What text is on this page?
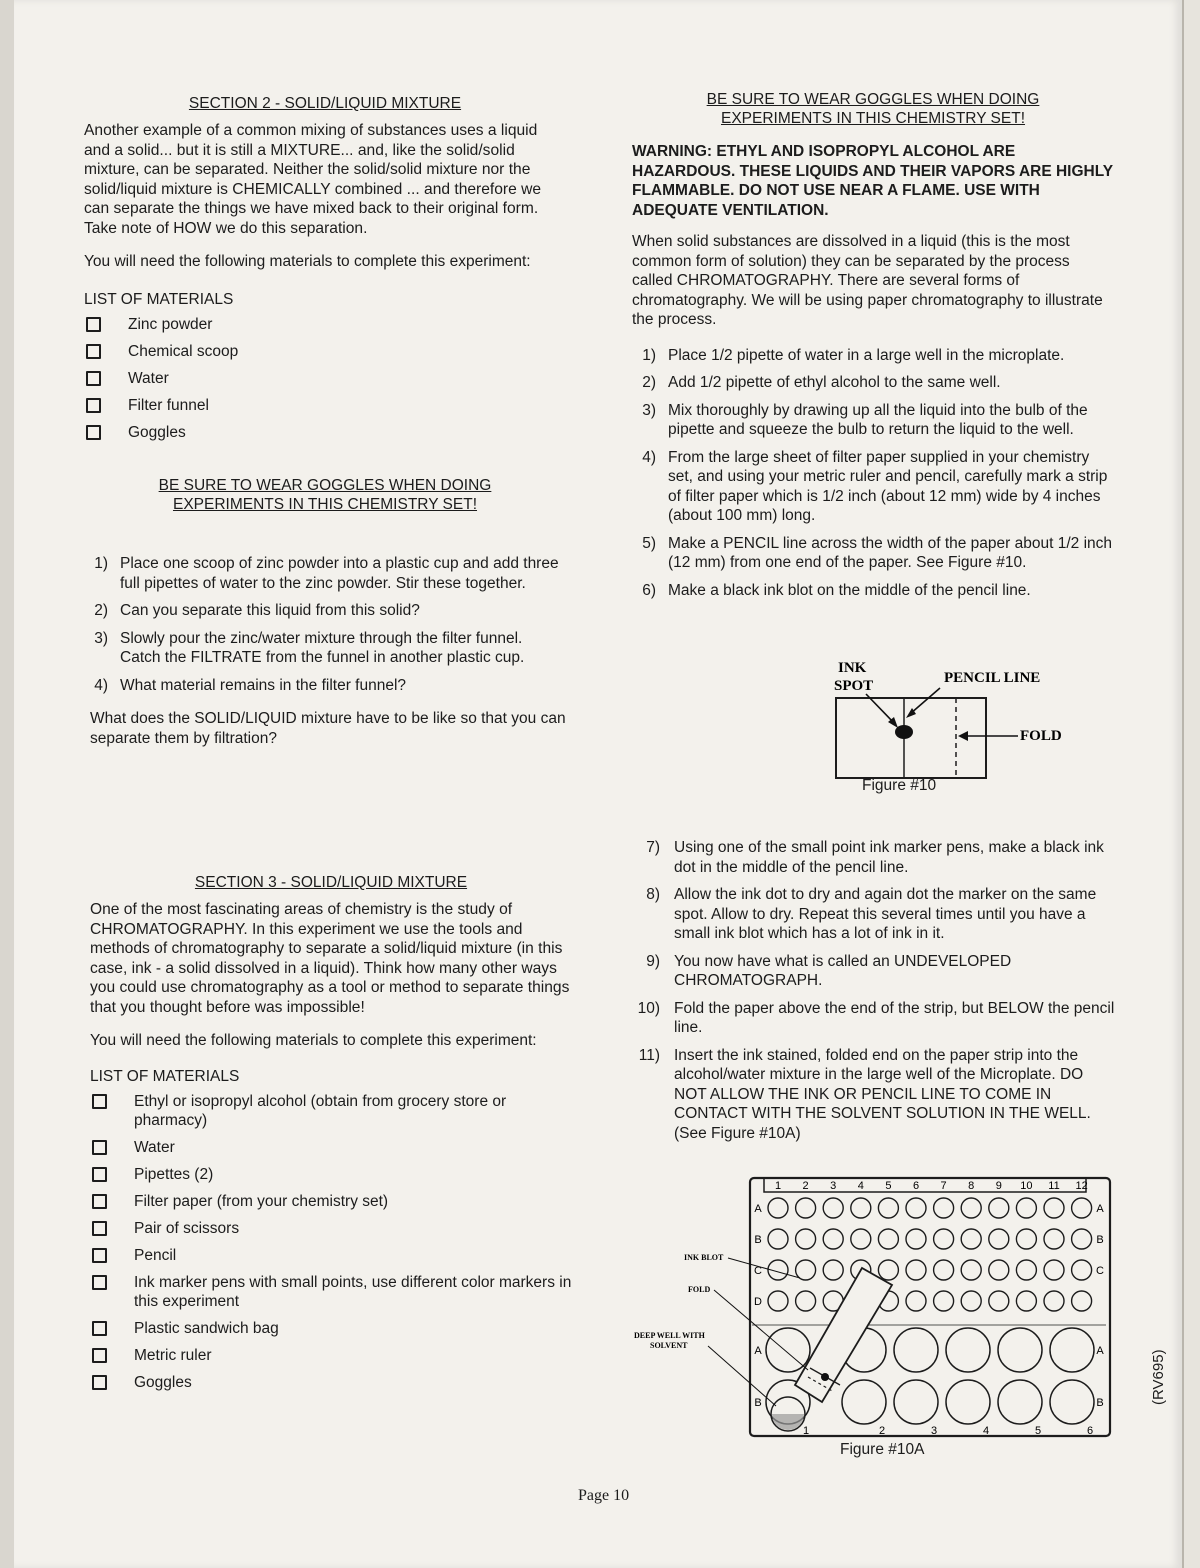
SECTION 2 - SOLID/LIQUID MIXTURE

Another example of a common mixing of substances uses a liquid and a solid... but it is still a MIXTURE... and, like the solid/solid mixture, can be separated. Neither the solid/solid mixture nor the solid/liquid mixture is CHEMICALLY combined ... and therefore we can separate the things we have mixed back to their original form. Take note of HOW we do this separation.

You will need the following materials to complete this experiment:

LIST OF MATERIALS
Zinc powder
Chemical scoop
Water
Filter funnel
Goggles
BE SURE TO WEAR GOGGLES WHEN DOING
EXPERIMENTS IN THIS CHEMISTRY SET!
1) Place one scoop of zinc powder into a plastic cup and add three full pipettes of water to the zinc powder. Stir these together.
2) Can you separate this liquid from this solid?
3) Slowly pour the zinc/water mixture through the filter funnel. Catch the FILTRATE from the funnel in another plastic cup.
4) What material remains in the filter funnel?

What does the SOLID/LIQUID mixture have to be like so that you can separate them by filtration?

SECTION 3 - SOLID/LIQUID MIXTURE

One of the most fascinating areas of chemistry is the study of CHROMATOGRAPHY. In this experiment we use the tools and methods of chromatography to separate a solid/liquid mixture (in this case, ink - a solid dissolved in a liquid). Think how many other ways you could use chromatography as a tool or method to separate things that you thought before was impossible!

You will need the following materials to complete this experiment:

LIST OF MATERIALS
Ethyl or isopropyl alcohol (obtain from grocery store or pharmacy)
Water
Pipettes (2)
Filter paper (from your chemistry set)
Pair of scissors
Pencil
Ink marker pens with small points, use different color markers in this experiment
Plastic sandwich bag
Metric ruler
Goggles
BE SURE TO WEAR GOGGLES WHEN DOING
EXPERIMENTS IN THIS CHEMISTRY SET!
WARNING: ETHYL AND ISOPROPYL ALCOHOL ARE HAZARDOUS. THESE LIQUIDS AND THEIR VAPORS ARE HIGHLY FLAMMABLE. DO NOT USE NEAR A FLAME. USE WITH ADEQUATE VENTILATION.

When solid substances are dissolved in a liquid (this is the most common form of solution) they can be separated by the process called CHROMATOGRAPHY. There are several forms of chromatography. We will be using paper chromatography to illustrate the process.

1) Place 1/2 pipette of water in a large well in the microplate.
2) Add 1/2 pipette of ethyl alcohol to the same well.
3) Mix thoroughly by drawing up all the liquid into the bulb of the pipette and squeeze the bulb to return the liquid to the well.
4) From the large sheet of filter paper supplied in your chemistry set, and using your metric ruler and pencil, carefully mark a strip of filter paper which is 1/2 inch (about 12 mm) wide by 4 inches (about 100 mm) long.
5) Make a PENCIL line across the width of the paper about 1/2 inch (12 mm) from one end of the paper. See Figure #10.
6) Make a black ink blot on the middle of the pencil line.
INK
SPOT	PENCIL LINE
FOLD
Figure #10
7) Using one of the small point ink marker pens, make a black ink dot in the middle of the pencil line.
8) Allow the ink dot to dry and again dot the marker on the same spot. Allow to dry. Repeat this several times until you have a small ink blot which has a lot of ink in it.
9) You now have what is called an UNDEVELOPED CHROMATOGRAPH.
10) Fold the paper above the end of the strip, but BELOW the pencil line.
11) Insert the ink stained, folded end on the paper strip into the alcohol/water mixture in the large well of the Microplate. DO NOT ALLOW THE INK OR PENCIL LINE TO COME IN CONTACT WITH THE SOLVENT SOLUTION IN THE WELL. (See Figure #10A)
1 2 3 4 5 6 7 8 9 10 11 12
1	2	3	4	5	6
A	A
B	B
C	C
D
A	A
B	B
INK BLOT
FOLD
DEEP WELL WITH
SOLVENT
Figure #10A
Page 10
(RV695)
